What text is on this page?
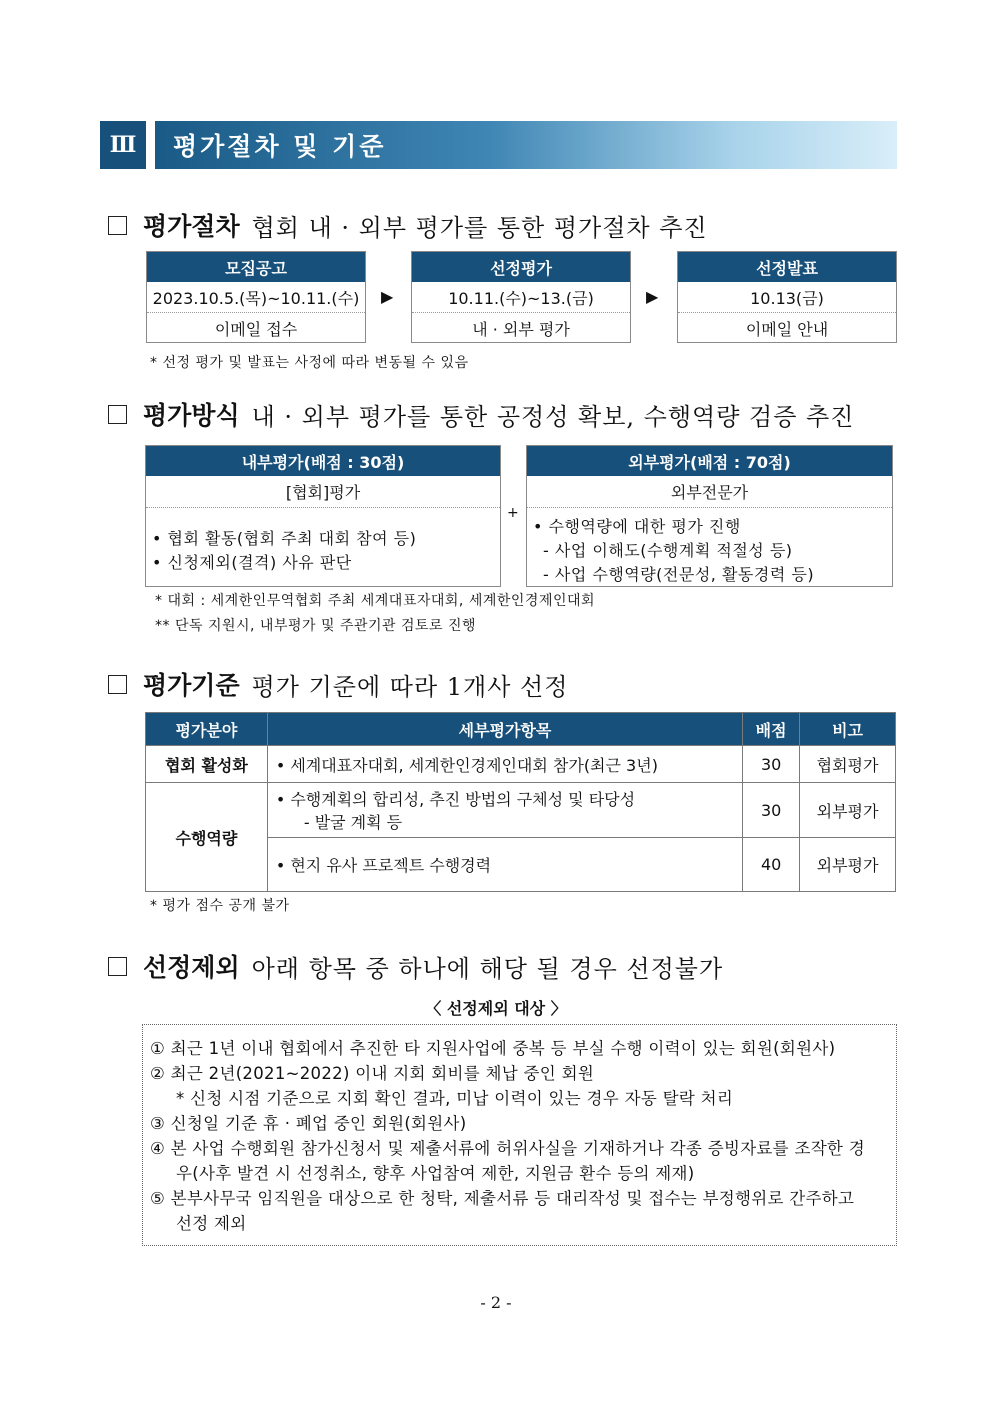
Ⅲ	평가절차 및 기준
평가절차 협회 내 · 외부 평가를 통한 평가절차 추진
모집공고
2023.10.5.(목)~10.11.(수)
이메일 접수
▶
선정평가
10.11.(수)~13.(금)
내 · 외부 평가
▶
선정발표
10.13(금)
이메일 안내
* 선정 평가 및 발표는 사정에 따라 변동될 수 있음
평가방식 내 · 외부 평가를 통한 공정성 확보, 수행역량 검증 추진
내부평가(배점 : 30점)
[협회]평가
• 협회 활동(협회 주최 대회 참여 등)
• 신청제외(결격) 사유 판단
+
외부평가(배점 : 70점)
외부전문가
• 수행역량에 대한 평가 진행
- 사업 이해도(수행계획 적절성 등)
- 사업 수행역량(전문성, 활동경력 등)
* 대회 : 세계한인무역협회 주최 세계대표자대회, 세계한인경제인대회
** 단독 지원시, 내부평가 및 주관기관 검토로 진행
평가기준 평가 기준에 따라 1개사 선정
평가분야	세부평가항목	배점	비고
협회 활성화	• 세계대표자대회, 세계한인경제인대회 참가(최근 3년)	30	협회평가
수행역량	• 수행계획의 합리성, 추진 방법의 구체성 및 타당성
- 발굴 계획 등	30	외부평가
	• 현지 유사 프로젝트 수행경력	40	외부평가
* 평가 점수 공개 불가
선정제외 아래 항목 중 하나에 해당 될 경우 선정불가
〈 선정제외 대상 〉
① 최근 1년 이내 협회에서 추진한 타 지원사업에 중복 등 부실 수행 이력이 있는 회원(회원사)
② 최근 2년(2021~2022) 이내 지회 회비를 체납 중인 회원
* 신청 시점 기준으로 지회 확인 결과, 미납 이력이 있는 경우 자동 탈락 처리
③ 신청일 기준 휴 · 폐업 중인 회원(회원사)
④ 본 사업 수행회원 참가신청서 및 제출서류에 허위사실을 기재하거나 각종 증빙자료를 조작한 경
우(사후 발견 시 선정취소, 향후 사업참여 제한, 지원금 환수 등의 제재)
⑤ 본부사무국 임직원을 대상으로 한 청탁, 제출서류 등 대리작성 및 접수는 부정행위로 간주하고
선정 제외
- 2 -
